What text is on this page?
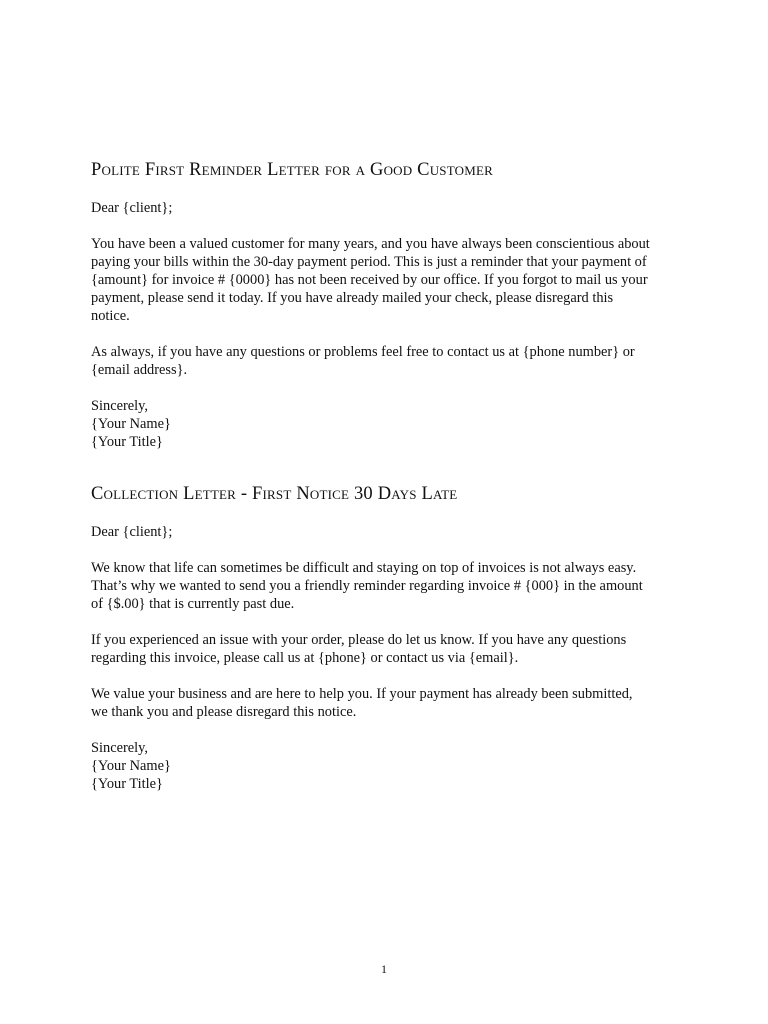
Polite First Reminder Letter for a Good Customer
Dear {client};
You have been a valued customer for many years, and you have always been conscientious about
paying your bills within the 30-day payment period. This is just a reminder that your payment of
{amount} for invoice # {0000} has not been received by our office. If you forgot to mail us your
payment, please send it today. If you have already mailed your check, please disregard this
notice.
As always, if you have any questions or problems feel free to contact us at {phone number} or
{email address}.
Sincerely,
{Your Name}
{Your Title}
Collection Letter - First Notice 30 Days Late
Dear {client};
We know that life can sometimes be difficult and staying on top of invoices is not always easy.
That’s why we wanted to send you a friendly reminder regarding invoice # {000} in the amount
of {$.00} that is currently past due.
If you experienced an issue with your order, please do let us know. If you have any questions
regarding this invoice, please call us at {phone} or contact us via {email}.
We value your business and are here to help you. If your payment has already been submitted,
we thank you and please disregard this notice.
Sincerely,
{Your Name}
{Your Title}
1
